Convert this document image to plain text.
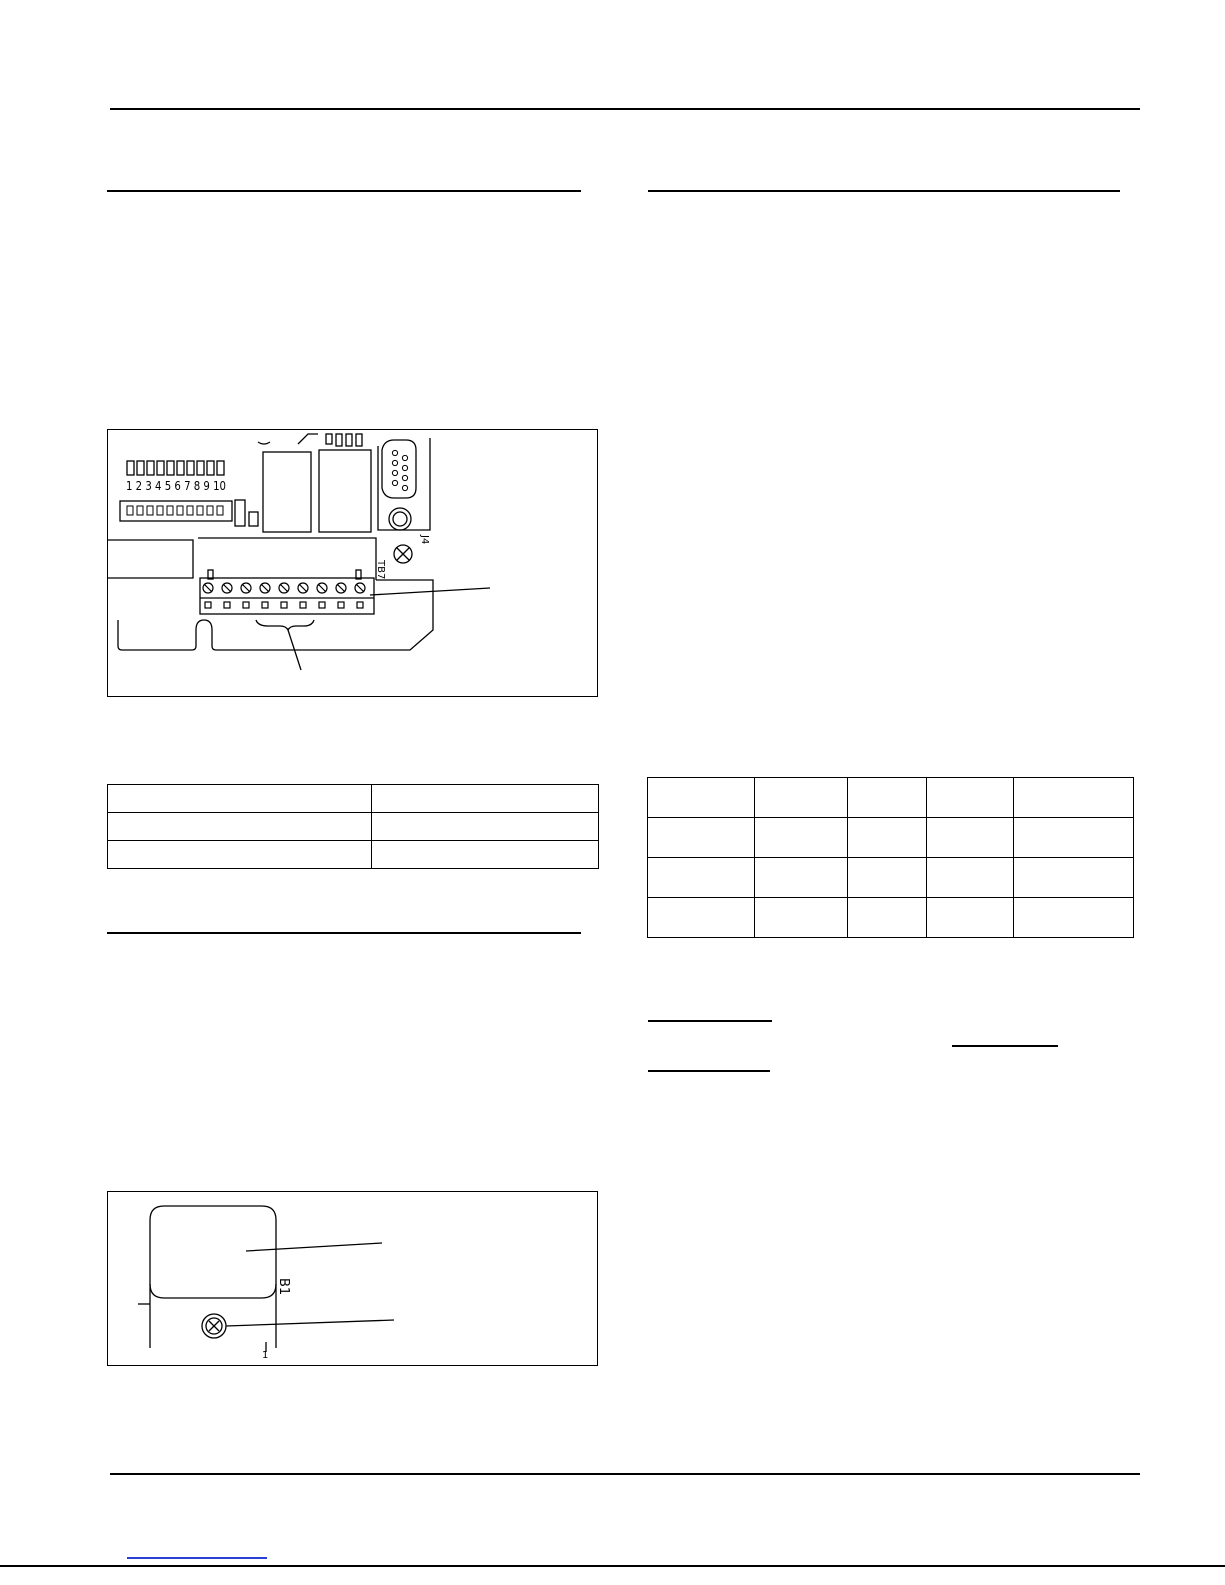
1 2 3 4 5 6 7 8 9 10
J4
TB7

B1
1
